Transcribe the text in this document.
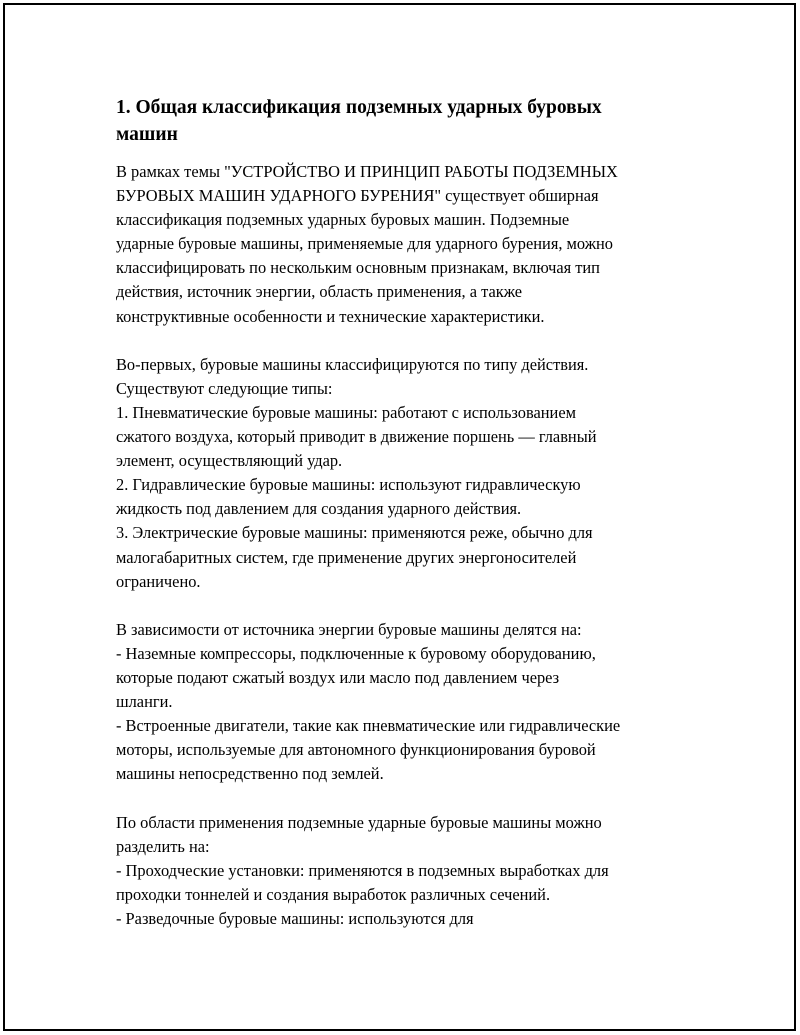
1. Общая классификация подземных ударных буровых
машин
В рамках темы "УСТРОЙСТВО И ПРИНЦИП РАБОТЫ ПОДЗЕМНЫХ
БУРОВЫХ МАШИН УДАРНОГО БУРЕНИЯ" существует обширная
классификация подземных ударных буровых машин. Подземные
ударные буровые машины, применяемые для ударного бурения, можно
классифицировать по нескольким основным признакам, включая тип
действия, источник энергии, область применения, а также
конструктивные особенности и технические характеристики.
Во-первых, буровые машины классифицируются по типу действия.
Существуют следующие типы:
1. Пневматические буровые машины: работают с использованием
сжатого воздуха, который приводит в движение поршень — главный
элемент, осуществляющий удар.
2. Гидравлические буровые машины: используют гидравлическую
жидкость под давлением для создания ударного действия.
3. Электрические буровые машины: применяются реже, обычно для
малогабаритных систем, где применение других энергоносителей
ограничено.
В зависимости от источника энергии буровые машины делятся на:
- Наземные компрессоры, подключенные к буровому оборудованию,
которые подают сжатый воздух или масло под давлением через
шланги.
- Встроенные двигатели, такие как пневматические или гидравлические
моторы, используемые для автономного функционирования буровой
машины непосредственно под землей.
По области применения подземные ударные буровые машины можно
разделить на:
- Проходческие установки: применяются в подземных выработках для
проходки тоннелей и создания выработок различных сечений.
- Разведочные буровые машины: используются для
